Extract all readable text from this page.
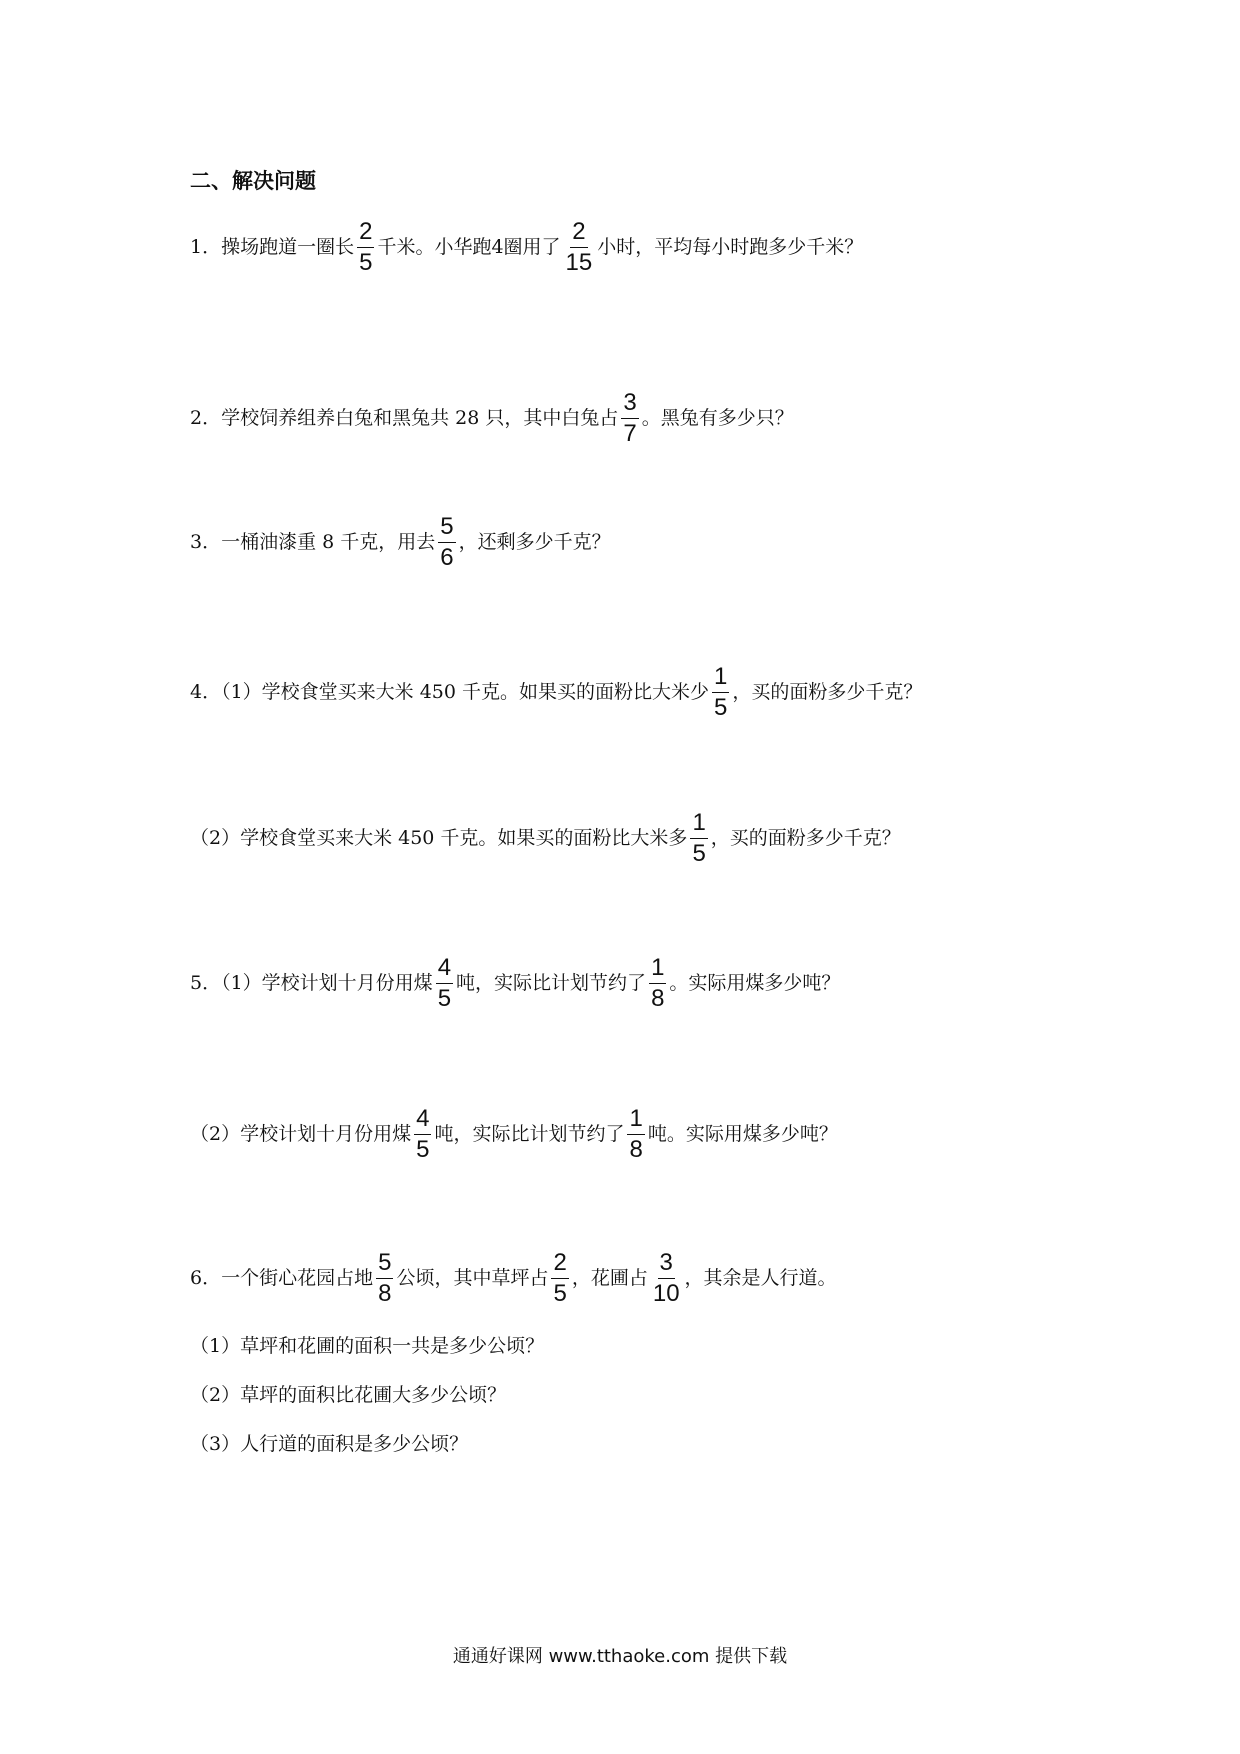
二、解决问题
1．操场跑道一圈长 $\frac{2}{5}$ 千米。小华跑4圈用了 $\frac{2}{15}$ 小时，平均每小时跑多少千米？
2．学校饲养组养白兔和黑兔共 28 只，其中白兔占 $\frac{3}{7}$ 。黑兔有多少只？
3．一桶油漆重 8 千克，用去 $\frac{5}{6}$ ，还剩多少千克？
4．（1）学校食堂买来大米 450 千克。如果买的面粉比大米少 $\frac{1}{5}$ ，买的面粉多少千克？
（2）学校食堂买来大米 450 千克。如果买的面粉比大米多 $\frac{1}{5}$ ，买的面粉多少千克？
5．（1）学校计划十月份用煤 $\frac{4}{5}$ 吨，实际比计划节约了 $\frac{1}{8}$ 。实际用煤多少吨？
（2）学校计划十月份用煤 $\frac{4}{5}$ 吨，实际比计划节约了 $\frac{1}{8}$ 吨。实际用煤多少吨？
6．一个街心花园占地 $\frac{5}{8}$ 公顷，其中草坪占 $\frac{2}{5}$ ，花圃占 $\frac{3}{10}$ ，其余是人行道。
（1）草坪和花圃的面积一共是多少公顷？
（2）草坪的面积比花圃大多少公顷？
（3）人行道的面积是多少公顷？
通通好课网 www.tthaoke.com 提供下载
